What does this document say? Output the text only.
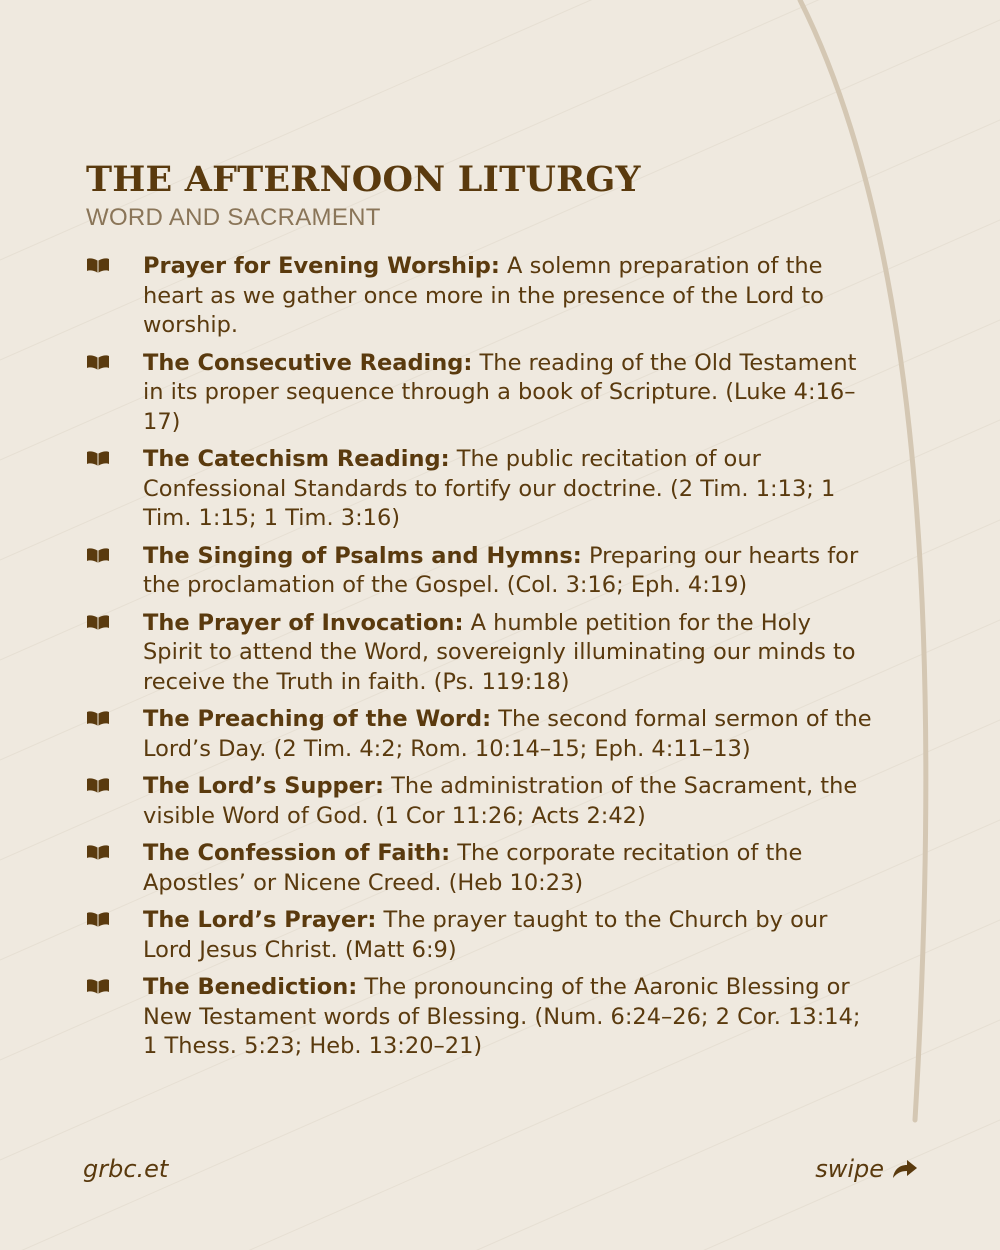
THE AFTERNOON LITURGY
WORD AND SACRAMENT
Prayer for Evening Worship: A solemn preparation of the heart as we gather once more in the presence of the Lord to worship.
The Consecutive Reading: The reading of the Old Testament in its proper sequence through a book of Scripture. (Luke 4:16–17)
The Catechism Reading: The public recitation of our Confessional Standards to fortify our doctrine. (2 Tim. 1:13; 1 Tim. 1:15; 1 Tim. 3:16)
The Singing of Psalms and Hymns: Preparing our hearts for the proclamation of the Gospel. (Col. 3:16; Eph. 4:19)
The Prayer of Invocation: A humble petition for the Holy Spirit to attend the Word, sovereignly illuminating our minds to receive the Truth in faith. (Ps. 119:18)
The Preaching of the Word: The second formal sermon of the Lord’s Day. (2 Tim. 4:2; Rom. 10:14–15; Eph. 4:11–13)
The Lord’s Supper: The administration of the Sacrament, the visible Word of God. (1 Cor 11:26; Acts 2:42)
The Confession of Faith: The corporate recitation of the Apostles’ or Nicene Creed. (Heb 10:23)
The Lord’s Prayer: The prayer taught to the Church by our Lord Jesus Christ. (Matt 6:9)
The Benediction: The pronouncing of the Aaronic Blessing or New Testament words of Blessing. (Num. 6:24–26; 2 Cor. 13:14; 1 Thess. 5:23; Heb. 13:20–21)
grbc.et	swipe
